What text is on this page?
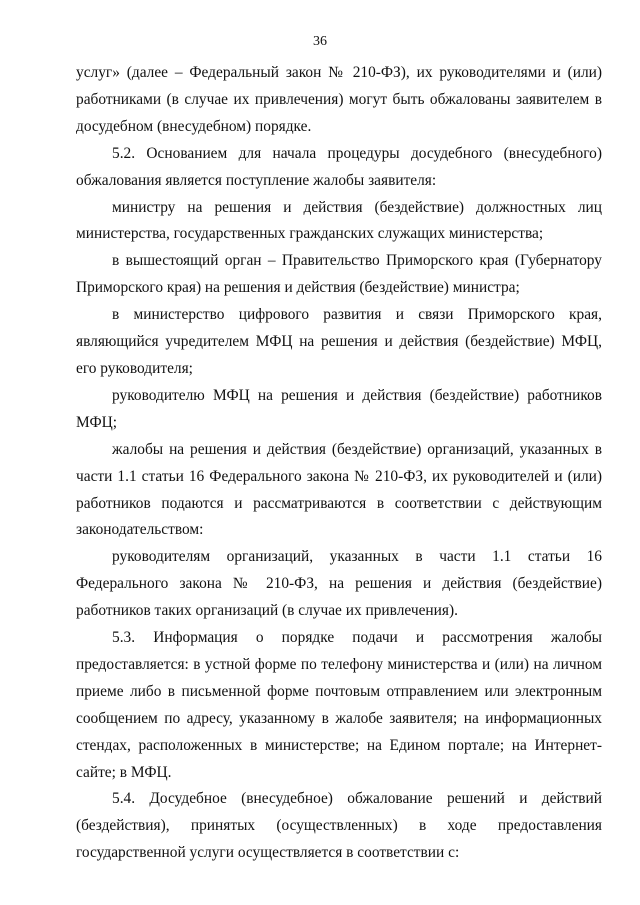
36

услуг» (далее – Федеральный закон № 210-ФЗ), их руководителями и (или) работниками (в случае их привлечения) могут быть обжалованы заявителем в досудебном (внесудебном) порядке.

5.2. Основанием для начала процедуры досудебного (внесудебного) обжалования является поступление жалобы заявителя:

министру на решения и действия (бездействие) должностных лиц министерства, государственных гражданских служащих министерства;

в вышестоящий орган – Правительство Приморского края (Губернатору Приморского края) на решения и действия (бездействие) министра;

в министерство цифрового развития и связи Приморского края, являющийся учредителем МФЦ на решения и действия (бездействие) МФЦ, его руководителя;

руководителю МФЦ на решения и действия (бездействие) работников МФЦ;

жалобы на решения и действия (бездействие) организаций, указанных в части 1.1 статьи 16 Федерального закона № 210-ФЗ, их руководителей и (или) работников подаются и рассматриваются в соответствии с действующим законодательством:

руководителям организаций, указанных в части 1.1 статьи 16 Федерального закона № 210-ФЗ, на решения и действия (бездействие) работников таких организаций (в случае их привлечения).

5.3. Информация о порядке подачи и рассмотрения жалобы предоставляется: в устной форме по телефону министерства и (или) на личном приеме либо в письменной форме почтовым отправлением или электронным сообщением по адресу, указанному в жалобе заявителя; на информационных стендах, расположенных в министерстве; на Едином портале; на Интернет-сайте; в МФЦ.

5.4. Досудебное (внесудебное) обжалование решений и действий (бездействия), принятых (осуществленных) в ходе предоставления государственной услуги осуществляется в соответствии с:
